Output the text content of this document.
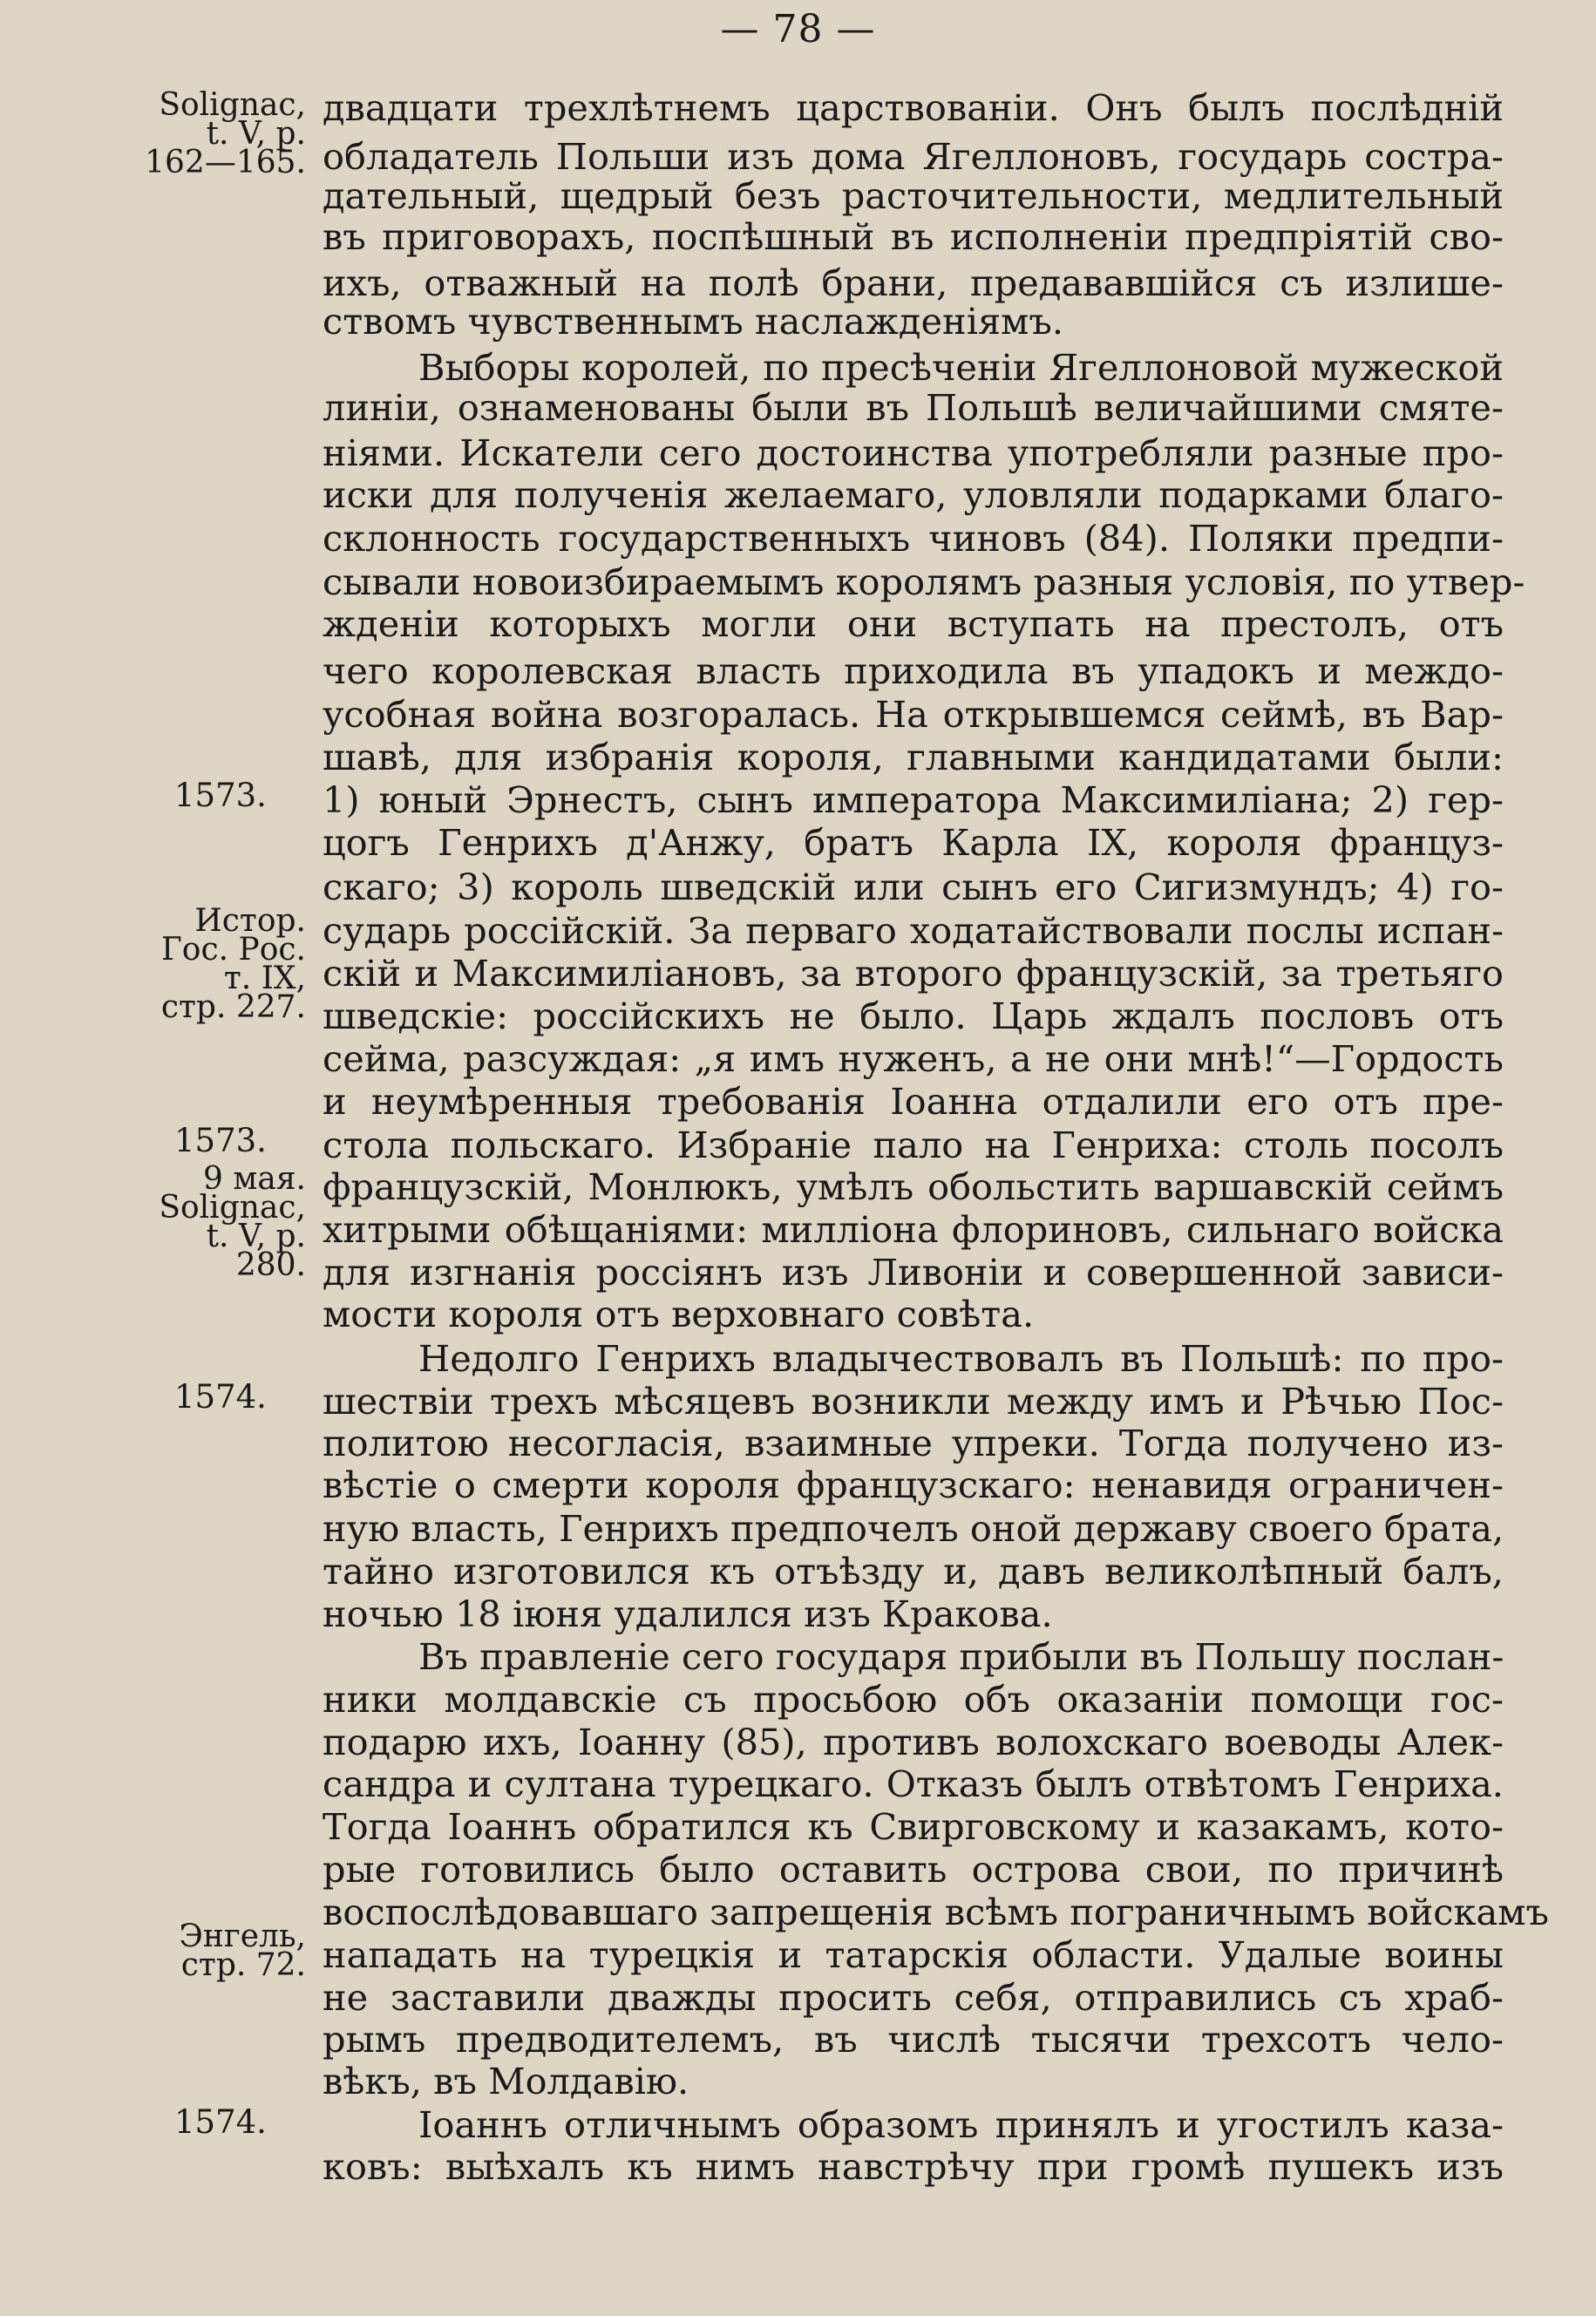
— 78 —
двадцати трехлѣтнемъ царствованіи. Онъ былъ послѣдній
обладатель Польши изъ дома Ягеллоновъ, государь сострa-
дательный, щедрый безъ расточительности, медлительный
въ приговорахъ, поспѣшный въ исполненіи предпріятій сво-
ихъ, отважный на полѣ брани, предававшійся съ излише-
ствомъ чувственнымъ наслажденіямъ.
Выборы королей, по пресѣченіи Ягеллоновой мужеской
линіи, ознаменованы были въ Польшѣ величайшими смяте-
ніями. Искатели сего достоинства употребляли разные про-
иски для полученія желаемаго, уловляли подарками благо-
склонность государственныхъ чиновъ (84). Поляки предпи-
сывали новоизбираемымъ королямъ разныя условія, по утвер-
жденіи которыхъ могли они вступать на престолъ, отъ
чего королевская власть приходила въ упадокъ и междо-
усобная война возгоралась. На открывшемся сеймѣ, въ Вар-
шавѣ, для избранія короля, главными кандидатами были:
1) юный Эрнестъ, сынъ императора Максимиліана; 2) гер-
цогъ Генрихъ д'Анжу, братъ Карла IX, короля француз-
скаго; 3) король шведскій или сынъ его Сигизмундъ; 4) го-
сударь россійскій. За перваго ходатайствовали послы испан-
скій и Максимиліановъ, за второго французскій, за третьяго
шведскіе: россійскихъ не было. Царь ждалъ пословъ отъ
сейма, разсуждая: „я имъ нуженъ, а не они мнѣ!“—Гордость
и неумѣренныя требованія Іоанна отдалили его отъ пре-
стола польскаго. Избраніе пало на Генриха: столь посолъ
французскій, Монлюкъ, умѣлъ обольстить варшавскій сеймъ
хитрыми обѣщаніями: милліона флориновъ, сильнаго войска
для изгнанія россіянъ изъ Ливоніи и совершенной зависи-
мости короля отъ верховнаго совѣта.
Недолго Генрихъ владычествовалъ въ Польшѣ: по про-
шествіи трехъ мѣсяцевъ возникли между имъ и Рѣчью Пос-
политою несогласія, взаимные упреки. Тогда получено из-
вѣстіе о смерти короля французскаго: ненавидя ограничен-
ную власть, Генрихъ предпочелъ оной державу своего брата,
тайно изготовился къ отъѣзду и, давъ великолѣпный балъ,
ночью 18 іюня удалился изъ Кракова.
Въ правленіе сего государя прибыли въ Польшу послан-
ники молдавскіе съ просьбою объ оказаніи помощи гос-
подарю ихъ, Іоанну (85), противъ волохскаго воеводы Алек-
сандра и султана турецкаго. Отказъ былъ отвѣтомъ Генриха.
Тогда Іоаннъ обратился къ Свирговскому и казакамъ, кото-
рые готовились было оставить острова свои, по причинѣ
воспослѣдовавшаго запрещенія всѣмъ пограничнымъ войскамъ
нападать на турецкія и татарскія области. Удалые воины
не заставили дважды просить себя, отправились съ храб-
рымъ предводителемъ, въ числѣ тысячи трехсотъ чело-
вѣкъ, въ Молдавію.
Іоаннъ отличнымъ образомъ принялъ и угостилъ каза-
ковъ: выѣхалъ къ нимъ навстрѣчу при громѣ пушекъ изъ
Solignac,
t. V, p.
162—165.
1573.
Истор.
Гос. Рос.
т. IX,
стр. 227.
1573.
9 мая.
Solignac,
t. V, p.
280.
1574.
Энгель,
стр. 72.
1574.
